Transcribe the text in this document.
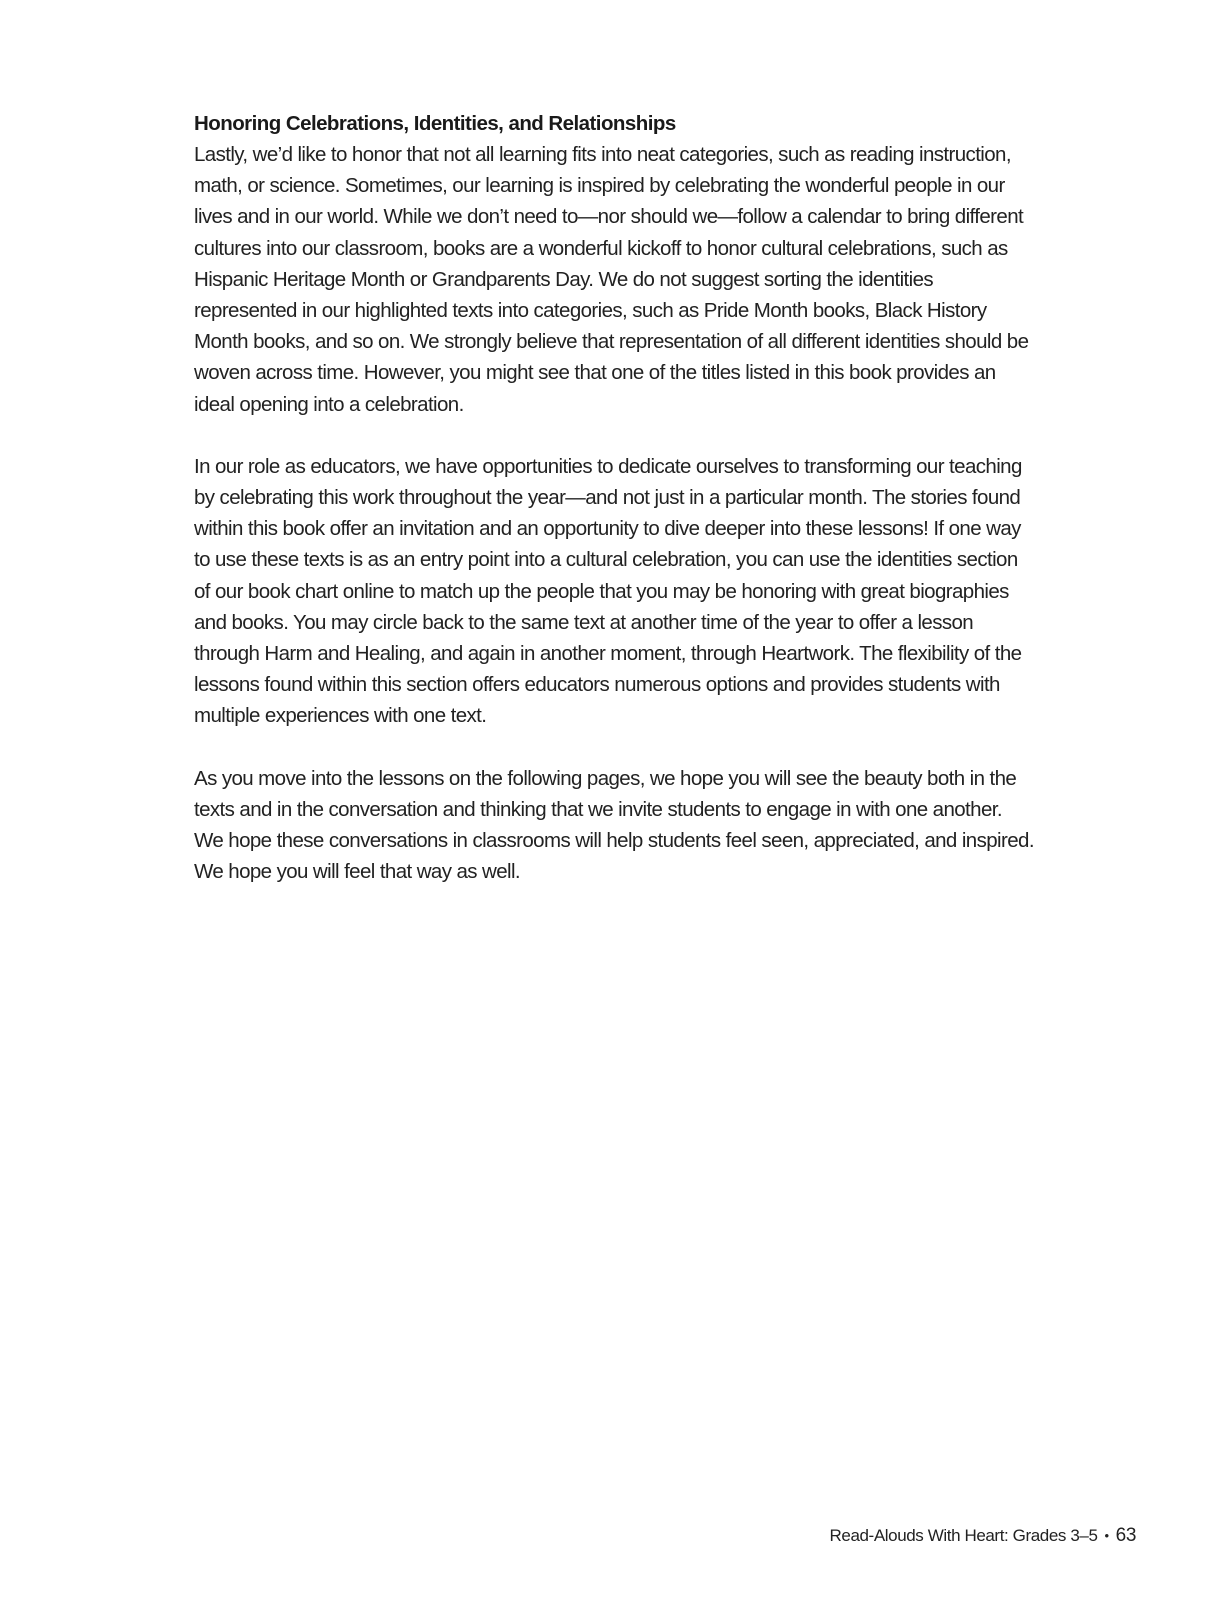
Honoring Celebrations, Identities, and Relationships

Lastly, we’d like to honor that not all learning fits into neat categories, such as reading instruction, math, or science. Sometimes, our learning is inspired by celebrating the wonderful people in our lives and in our world. While we don’t need to—nor should we—follow a calendar to bring different cultures into our classroom, books are a wonderful kickoff to honor cultural celebrations, such as Hispanic Heritage Month or Grandparents Day. We do not suggest sorting the identities represented in our highlighted texts into categories, such as Pride Month books, Black History Month books, and so on. We strongly believe that representation of all different identities should be woven across time. However, you might see that one of the titles listed in this book provides an ideal opening into a celebration.

In our role as educators, we have opportunities to dedicate ourselves to transforming our teaching by celebrating this work throughout the year—and not just in a particular month. The stories found within this book offer an invitation and an opportunity to dive deeper into these lessons! If one way to use these texts is as an entry point into a cultural celebration, you can use the identities section of our book chart online to match up the people that you may be honoring with great biographies and books. You may circle back to the same text at another time of the year to offer a lesson through Harm and Healing, and again in another moment, through Heartwork. The flexibility of the lessons found within this section offers educators numerous options and provides students with multiple experiences with one text.

As you move into the lessons on the following pages, we hope you will see the beauty both in the texts and in the conversation and thinking that we invite students to engage in with one another. We hope these conversations in classrooms will help students feel seen, appreciated, and inspired. We hope you will feel that way as well.

Read-Alouds With Heart: Grades 3–5 • 63
